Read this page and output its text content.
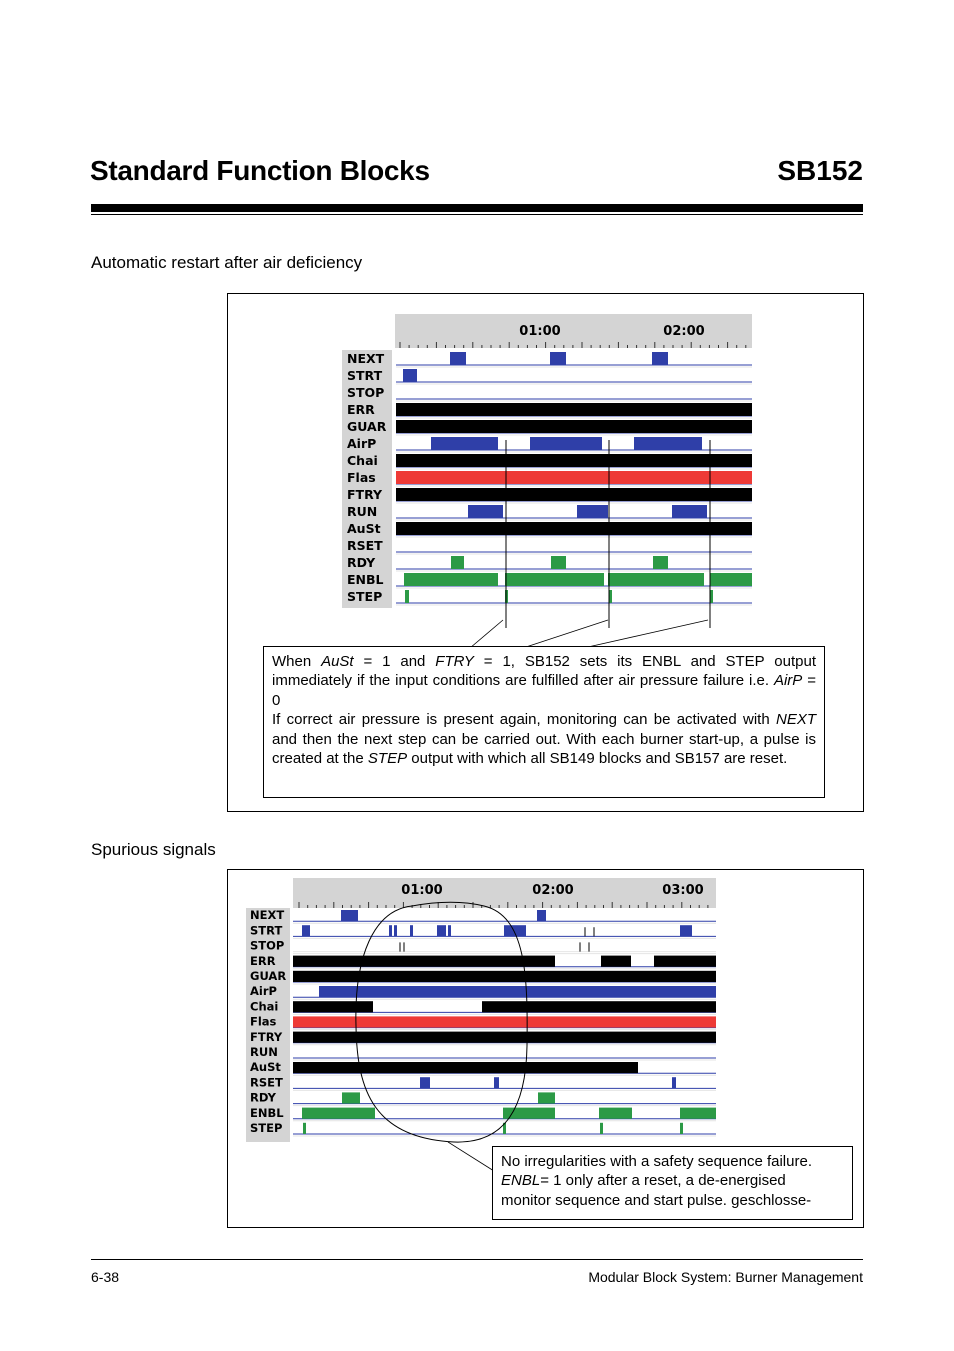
Standard Function Blocks	SB152
Automatic restart after air deficiency
01:00	02:00
NEXT
STRT
STOP
ERR
GUAR
AirP
Chai
Flas
FTRY
RUN
AuSt
RSET
RDY
ENBL
STEP
When AuSt = 1 and FTRY = 1, SB152 sets its ENBL and STEP output immediately if the input conditions are fulfilled after air pressure failure i.e. AirP = 0
If correct air pressure is present again, monitoring can be activated with NEXT and then the next step can be carried out. With each burner start-up, a pulse is created at the STEP output with which all SB149 blocks and SB157 are reset.
Spurious signals
01:00	02:00	03:00
NEXT
STRT
STOP
ERR
GUAR
AirP
Chai
Flas
FTRY
RUN
AuSt
RSET
RDY
ENBL
STEP
No irregularities with a safety sequence failure.
ENBL= 1 only after a reset, a de-energised
monitor sequence and start pulse. geschlosse-
6-38	Modular Block System: Burner Management
